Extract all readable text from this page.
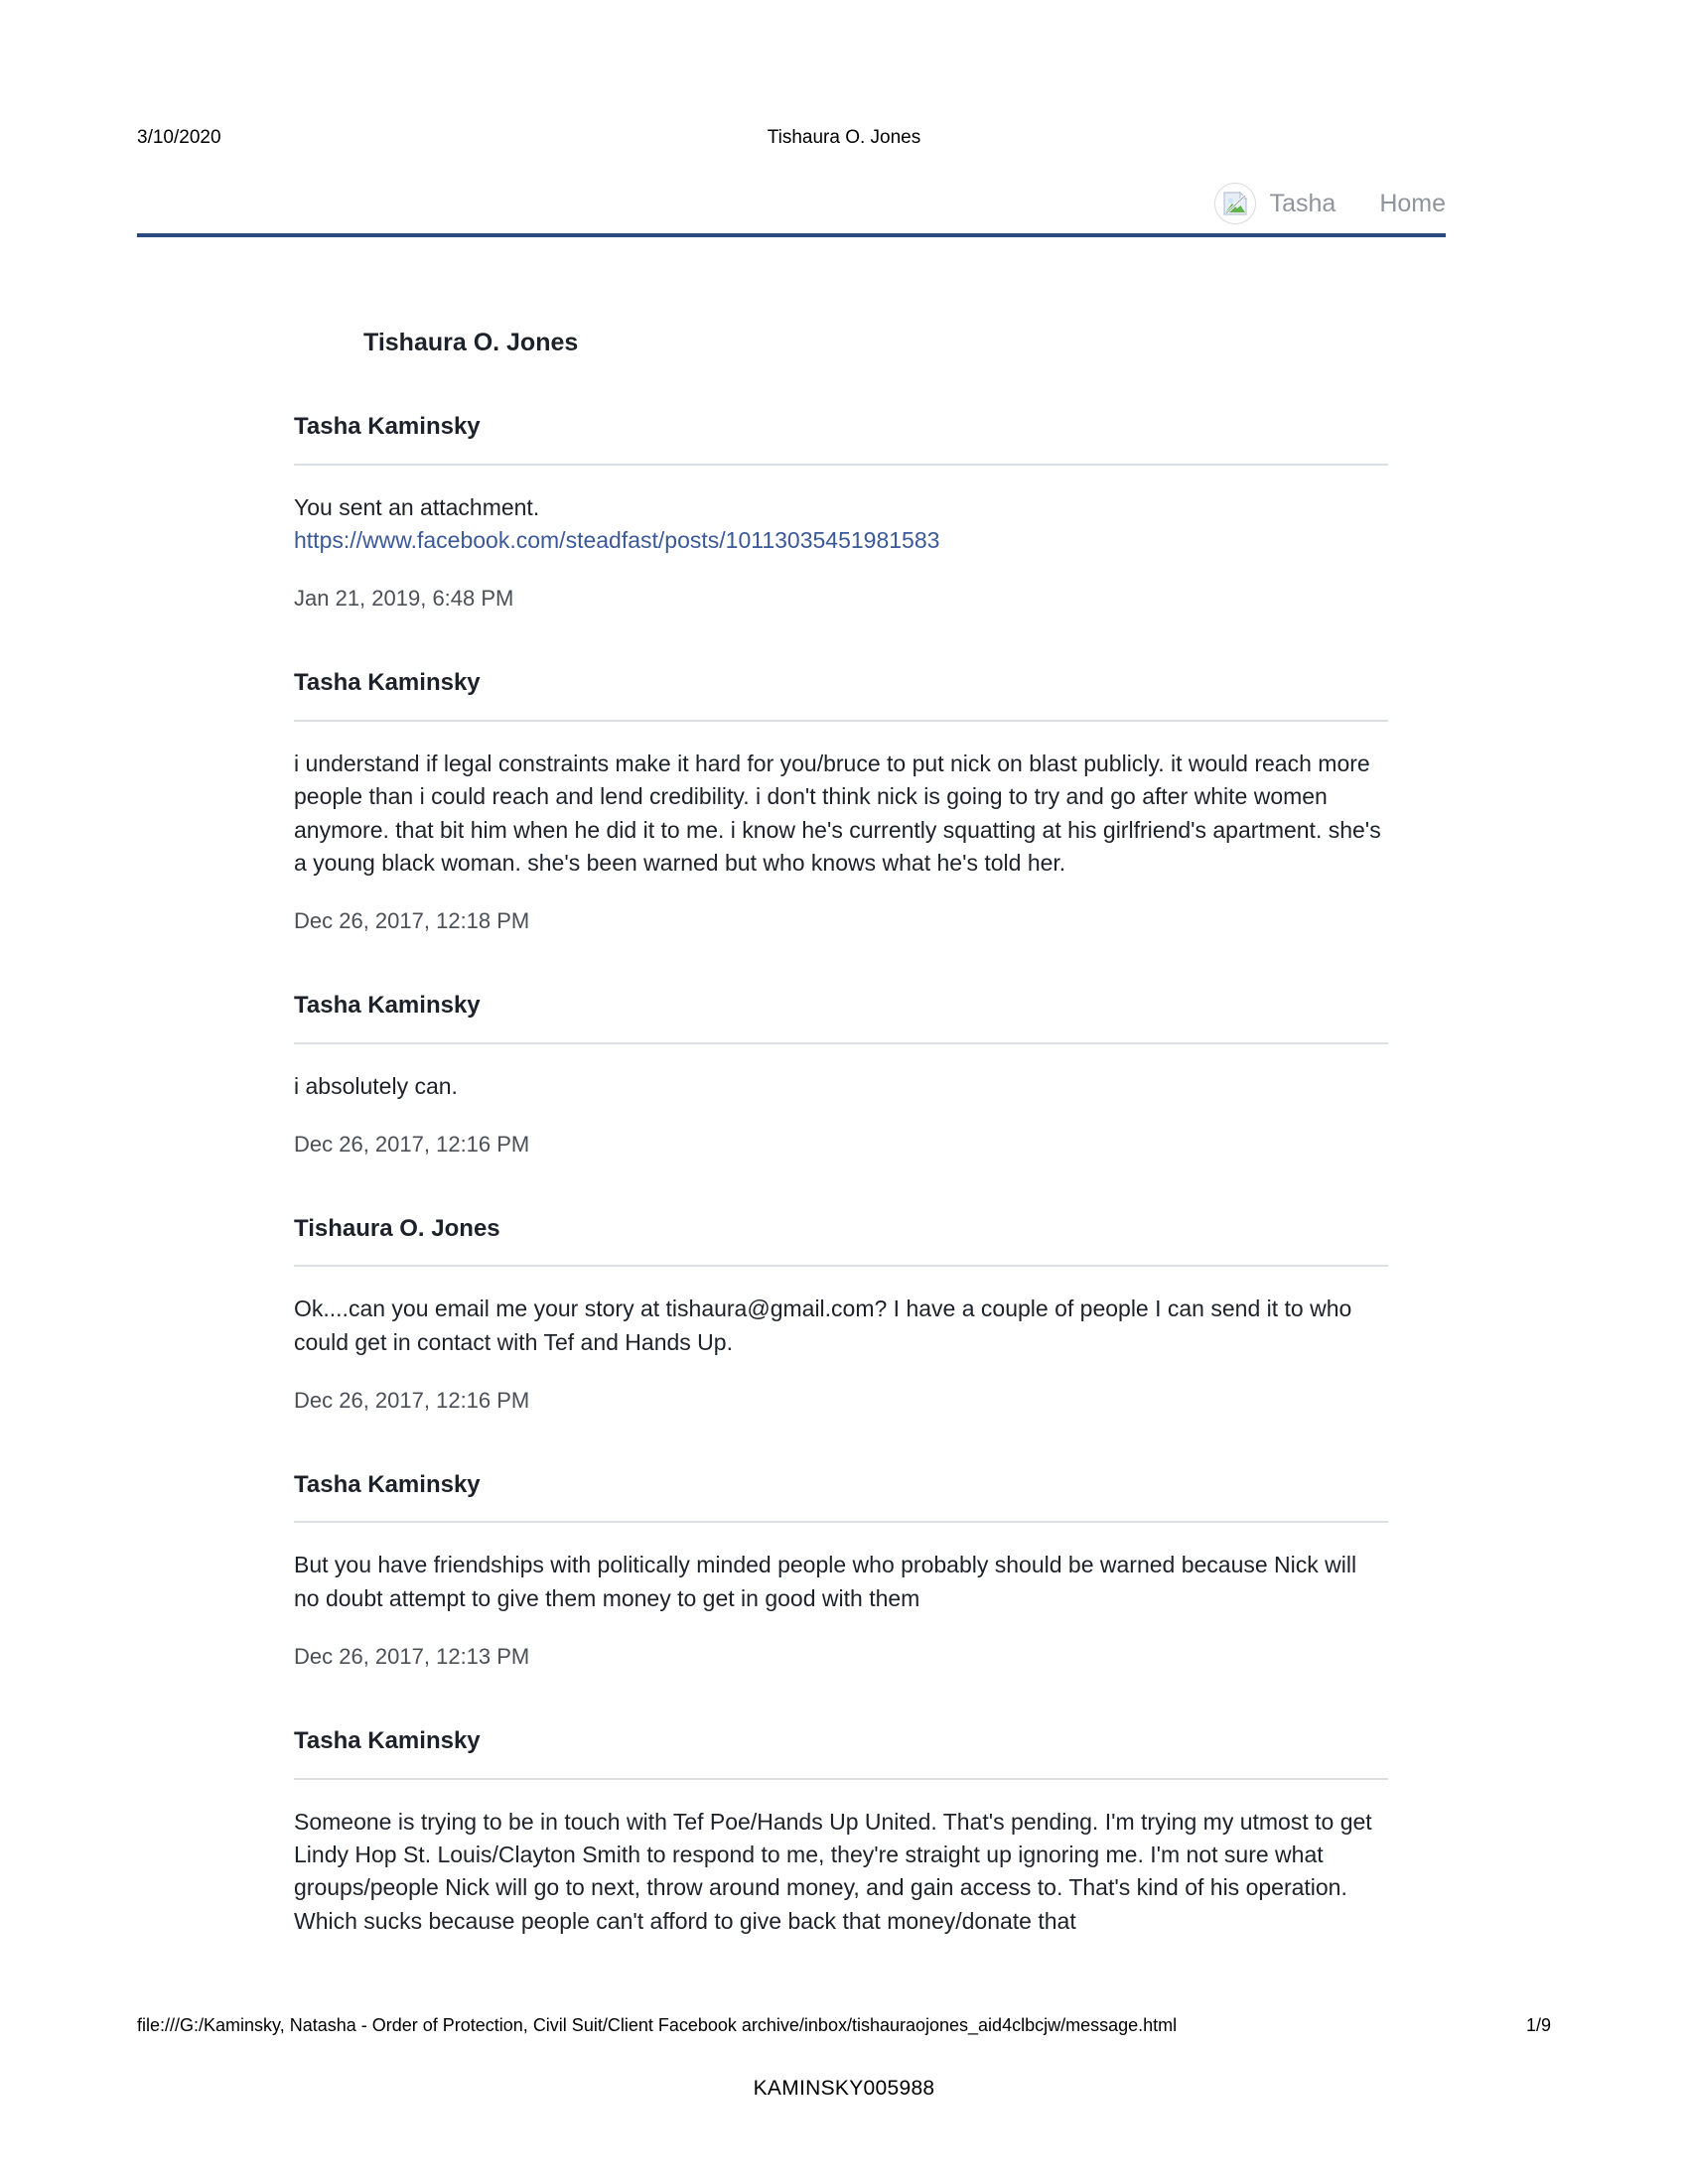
3/10/2020	Tishaura O. Jones
Tasha Home
Tishaura O. Jones
Tasha Kaminsky
You sent an attachment.
https://www.facebook.com/steadfast/posts/10113035451981583
Jan 21, 2019, 6:48 PM
Tasha Kaminsky
i understand if legal constraints make it hard for you/bruce to put nick on blast publicly. it would reach more people than i could reach and lend credibility. i don't think nick is going to try and go after white women anymore. that bit him when he did it to me. i know he's currently squatting at his girlfriend's apartment. she's a young black woman. she's been warned but who knows what he's told her.
Dec 26, 2017, 12:18 PM
Tasha Kaminsky
i absolutely can.
Dec 26, 2017, 12:16 PM
Tishaura O. Jones
Ok....can you email me your story at tishaura@gmail.com? I have a couple of people I can send it to who could get in contact with Tef and Hands Up.
Dec 26, 2017, 12:16 PM
Tasha Kaminsky
But you have friendships with politically minded people who probably should be warned because Nick will no doubt attempt to give them money to get in good with them
Dec 26, 2017, 12:13 PM
Tasha Kaminsky
Someone is trying to be in touch with Tef Poe/Hands Up United. That's pending. I'm trying my utmost to get Lindy Hop St. Louis/Clayton Smith to respond to me, they're straight up ignoring me. I'm not sure what groups/people Nick will go to next, throw around money, and gain access to. That's kind of his operation. Which sucks because people can't afford to give back that money/donate that
file:///G:/Kaminsky, Natasha - Order of Protection, Civil Suit/Client Facebook archive/inbox/tishauraojones_aid4clbcjw/message.html	1/9
KAMINSKY005988
